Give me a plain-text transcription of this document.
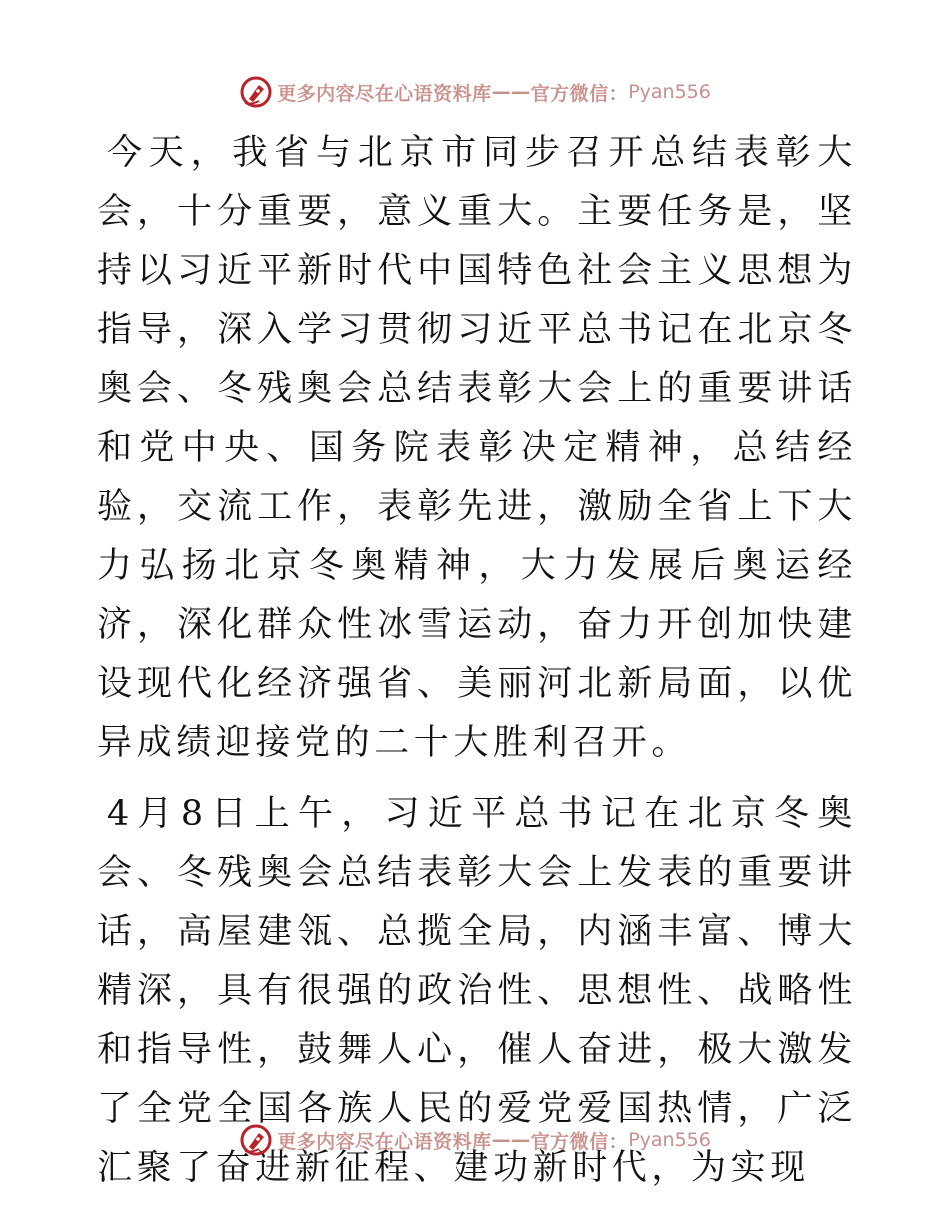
更多内容尽在心语资料库 —— 官方微信： Pyan556

今天，我省与北京市同步召开总结表彰大会，十分重要，意义重大。主要任务是，坚持以习近平新时代中国特色社会主义思想为指导，深入学习贯彻习近平总书记在北京冬奥会、冬残奥会总结表彰大会上的重要讲话和党中央、国务院表彰决定精神，总结经验，交流工作，表彰先进，激励全省上下大力弘扬北京冬奥精神，大力发展后奥运经济，深化群众性冰雪运动，奋力开创加快建设现代化经济强省、美丽河北新局面，以优异成绩迎接党的二十大胜利召开。

4月8日上午，习近平总书记在北京冬奥会、冬残奥会总结表彰大会上发表的重要讲话，高屋建瓴、总揽全局，内涵丰富、博大精深，具有很强的政治性、思想性、战略性和指导性，鼓舞人心，催人奋进，极大激发了全党全国各族人民的爱党爱国热情，广泛汇聚了奋进新征程、建功新时代，为实现

更多内容尽在心语资料库 —— 官方微信： Pyan556
